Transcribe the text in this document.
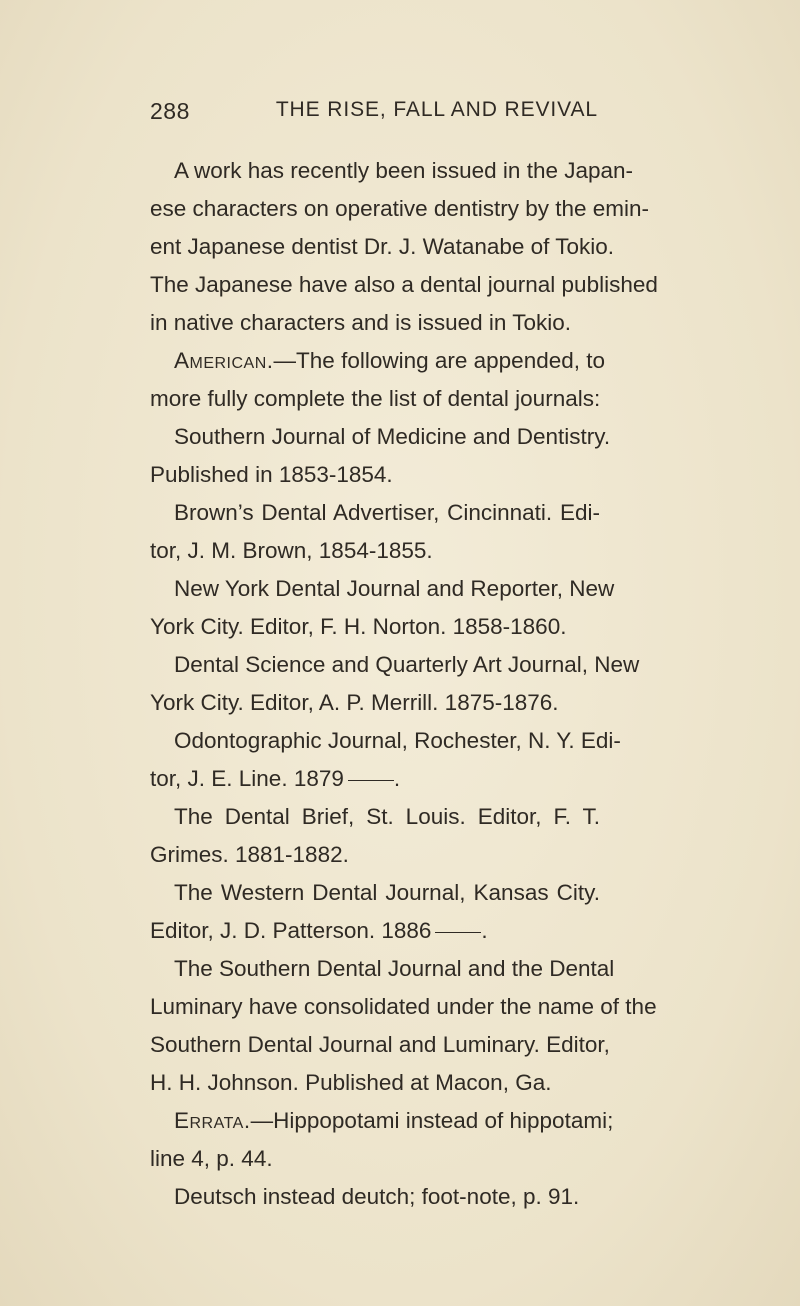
288	THE RISE, FALL AND REVIVAL
A work has recently been issued in the Japan-
ese characters on operative dentistry by the emin-
ent Japanese dentist Dr. J. Watanabe of Tokio.
The Japanese have also a dental journal published
in native characters and is issued in Tokio.
American.—The following are appended, to
more fully complete the list of dental journals:
Southern Journal of Medicine and Dentistry.
Published in 1853-1854.
Brown’s Dental Advertiser, Cincinnati. Edi-
tor, J. M. Brown, 1854-1855.
New York Dental Journal and Reporter, New
York City. Editor, F. H. Norton. 1858-1860.
Dental Science and Quarterly Art Journal, New
York City. Editor, A. P. Merrill. 1875-1876.
Odontographic Journal, Rochester, N. Y. Edi-
tor, J. E. Line. 1879 .
The Dental Brief, St. Louis. Editor, F. T.
Grimes. 1881-1882.
The Western Dental Journal, Kansas City.
Editor, J. D. Patterson. 1886 .
The Southern Dental Journal and the Dental
Luminary have consolidated under the name of the
Southern Dental Journal and Luminary. Editor,
H. H. Johnson. Published at Macon, Ga.
Errata.—Hippopotami instead of hippotami;
line 4, p. 44.
Deutsch instead deutch; foot-note, p. 91.
